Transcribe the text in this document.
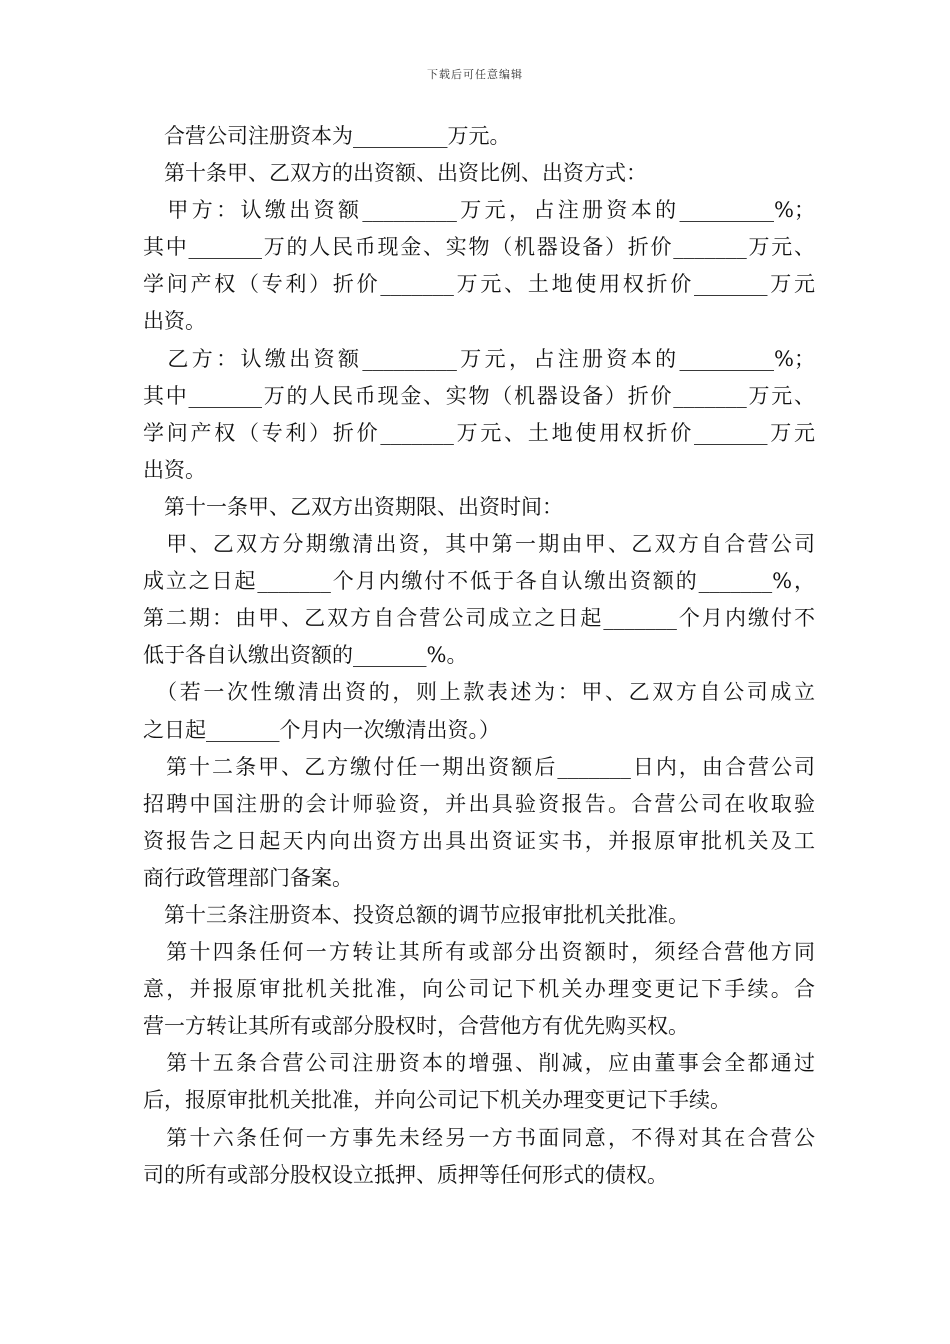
下载后可任意编辑
　合营公司注册资本为_________万元。
　第十条甲、乙双方的出资额、出资比例、出资方式：
　甲方：认缴出资额_________万元，占注册资本的_________%；
其中_______万的人民币现金、实物（机器设备）折价_______万元、
学问产权（专利）折价_______万元、土地使用权折价_______万元
出资。
　乙方：认缴出资额_________万元，占注册资本的_________%；
其中_______万的人民币现金、实物（机器设备）折价_______万元、
学问产权（专利）折价_______万元、土地使用权折价_______万元
出资。
　第十一条甲、乙双方出资期限、出资时间：
　甲、乙双方分期缴清出资，其中第一期由甲、乙双方自合营公司
成立之日起_______个月内缴付不低于各自认缴出资额的_______%，
第二期：由甲、乙双方自合营公司成立之日起_______个月内缴付不
低于各自认缴出资额的_______%。
　（若一次性缴清出资的，则上款表述为：甲、乙双方自公司成立
之日起_______个月内一次缴清出资。）
　第十二条甲、乙方缴付任一期出资额后_______日内，由合营公司
招聘中国注册的会计师验资，并出具验资报告。合营公司在收取验
资报告之日起天内向出资方出具出资证实书，并报原审批机关及工
商行政管理部门备案。
　第十三条注册资本、投资总额的调节应报审批机关批准。
　第十四条任何一方转让其所有或部分出资额时，须经合营他方同
意，并报原审批机关批准，向公司记下机关办理变更记下手续。合
营一方转让其所有或部分股权时，合营他方有优先购买权。
　第十五条合营公司注册资本的增强、削减，应由董事会全都通过
后，报原审批机关批准，并向公司记下机关办理变更记下手续。
　第十六条任何一方事先未经另一方书面同意，不得对其在合营公
司的所有或部分股权设立抵押、质押等任何形式的债权。
